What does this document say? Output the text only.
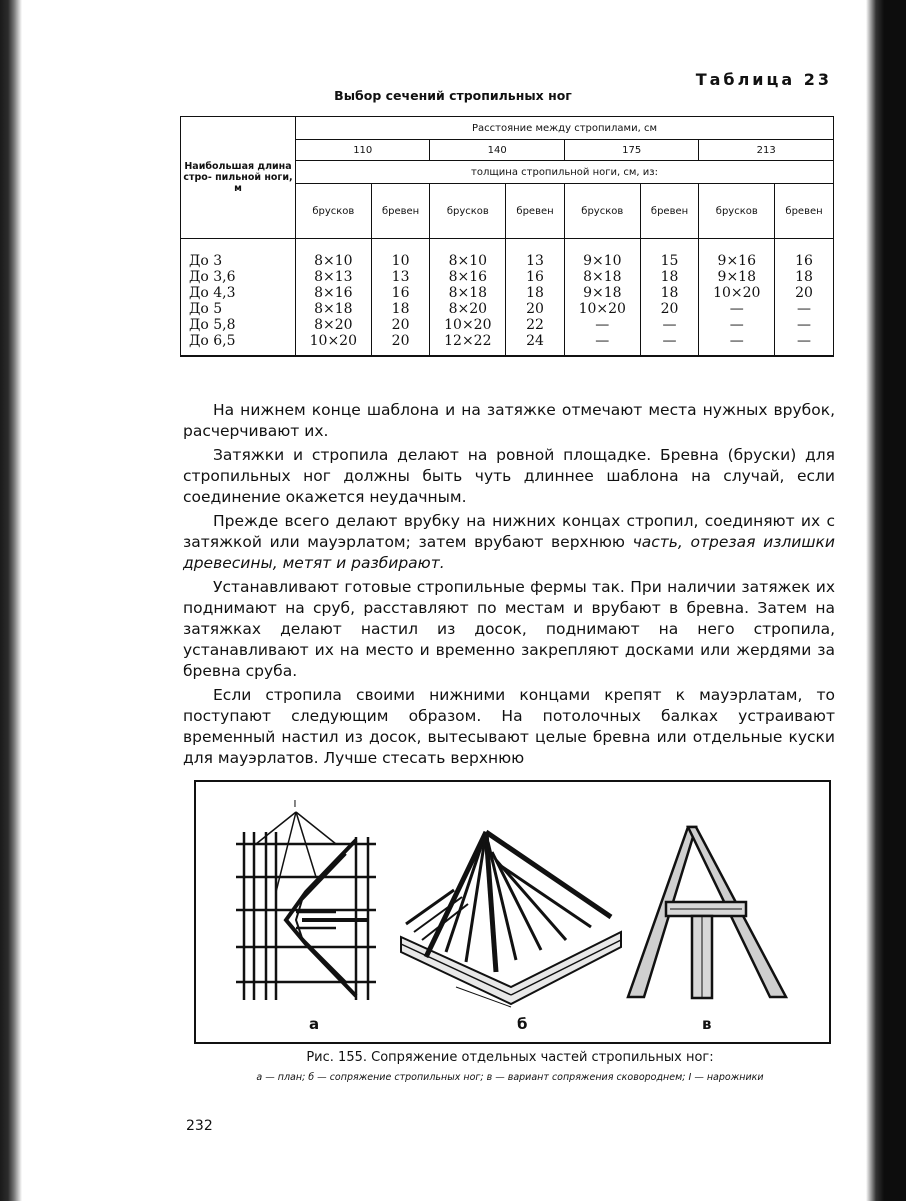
Таблица 23
Выбор сечений стропильных ног
Наибольшая длина стро- пильной ноги, м	Расстояние между стропилами, см							
	110		140		175		213	
	толщина стропильной ноги, см, из:							
	брусков	бревен	брусков	бревен	брусков	бревен	брусков	бревен
До 3	8×10	10	8×10	13	9×10	15	9×16	16
До 3,6	8×13	13	8×16	16	8×18	18	9×18	18
До 4,3	8×16	16	8×18	18	9×18	18	10×20	20
До 5	8×18	18	8×20	20	10×20	20	—	—
До 5,8	8×20	20	10×20	22	—	—	—	—
До 6,5	10×20	20	12×22	24	—	—	—	—

На нижнем конце шаблона и на затяжке отмечают места нужных врубок, расчерчивают их.

Затяжки и стропила делают на ровной площадке. Бревна (бруски) для стропильных ног должны быть чуть длиннее шаблона на случай, если соединение окажется неудачным.

Прежде всего делают врубку на нижних концах стропил, соединяют их с затяжкой или мауэрлатом; затем врубают верхнюю часть, отрезая излишки древесины, метят и разбирают.

Устанавливают готовые стропильные фермы так. При наличии затяжек их поднимают на сруб, расставляют по местам и врубают в бревна. Затем на затяжках делают настил из досок, поднимают на него стропила, устанавливают их на место и временно закрепляют досками или жердями за бревна сруба.

Если стропила своими нижними концами крепят к мауэрлатам, то поступают следующим образом. На потолочных балках устраивают временный настил из досок, вытесывают целые бревна или отдельные куски для мауэрлатов. Лучше стесать верхнюю

I
а	б	в
Рис. 155. Сопряжение отдельных частей стропильных ног:
а — план; б — сопряжение стропильных ног; в — вариант сопряжения сковороднем; I — нарожники
232
